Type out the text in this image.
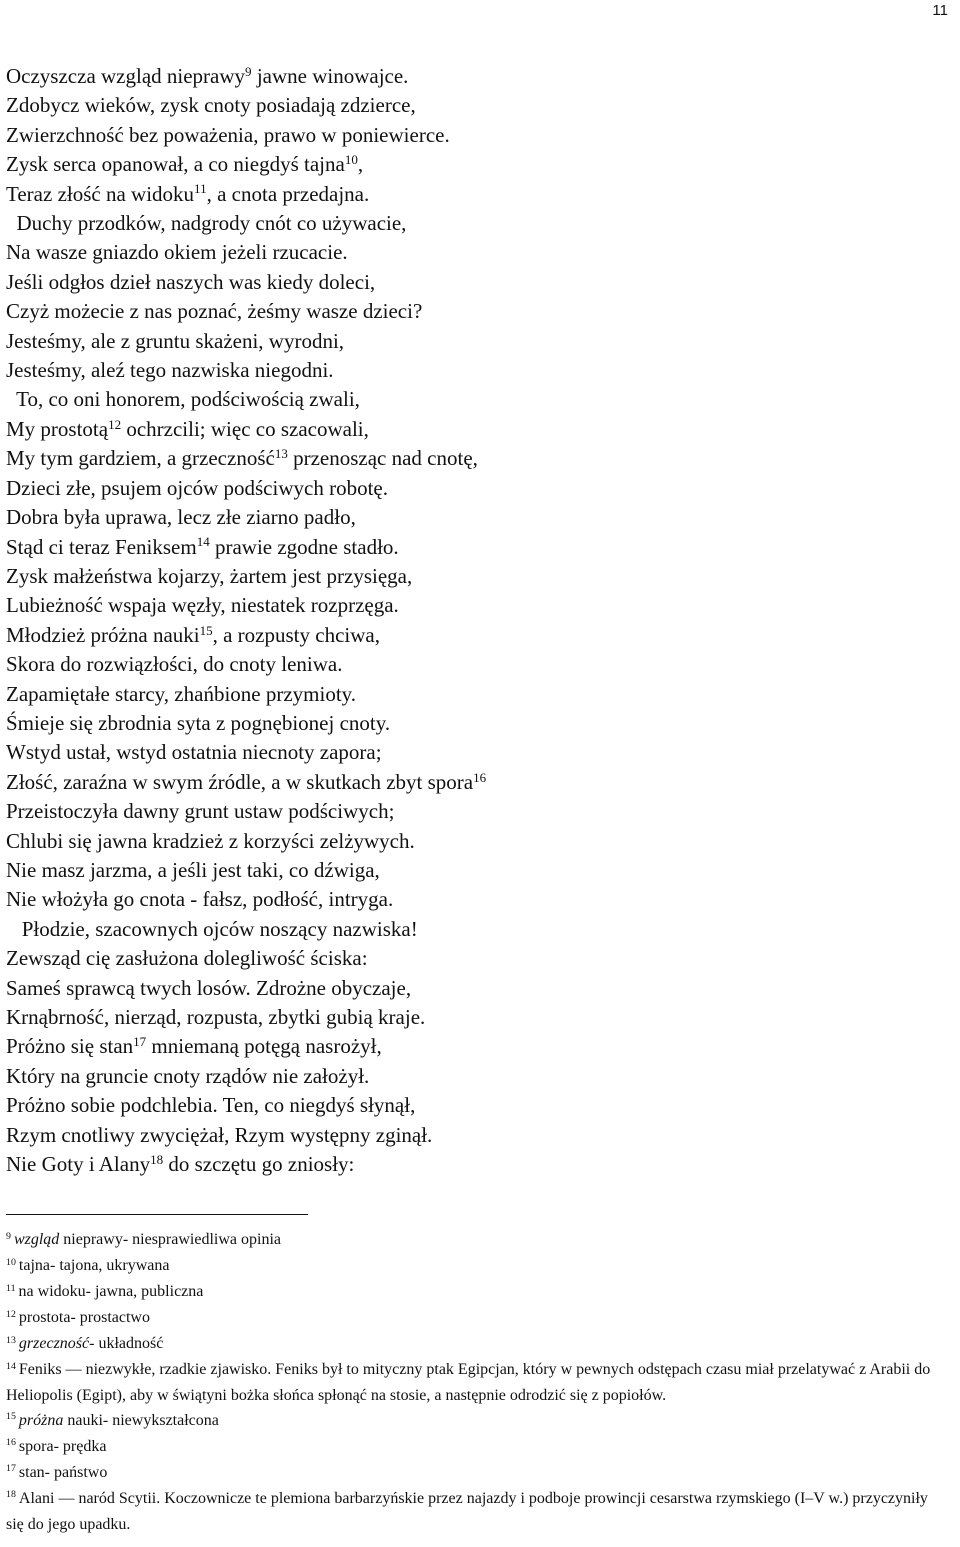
11
Oczyszcza wzgląd nieprawy$^9$ jawne winowajce.
Zdobycz wieków, zysk cnoty posiadają zdzierce,
Zwierzchność bez poważenia, prawo w poniewierce.
Zysk serca opanował, a co niegdyś tajna$^{10}$,
Teraz złość na widoku$^{11}$, a cnota przedajna.
Duchy przodków, nadgrody cnót co używacie,
Na wasze gniazdo okiem jeżeli rzucacie.
Jeśli odgłos dzieł naszych was kiedy doleci,
Czyż możecie z nas poznać, żeśmy wasze dzieci?
Jesteśmy, ale z gruntu skażeni, wyrodni,
Jesteśmy, aleź tego nazwiska niegodni.
To, co oni honorem, podściwością zwali,
My prostotą$^{12}$ ochrzcili; więc co szacowali,
My tym gardziem, a grzeczność$^{13}$ przenosząc nad cnotę,
Dzieci złe, psujem ojców podściwych robotę.
Dobra była uprawa, lecz złe ziarno padło,
Stąd ci teraz Feniksem$^{14}$ prawie zgodne stadło.
Zysk małżeństwa kojarzy, żartem jest przysięga,
Lubieżność wspaja węzły, niestatek rozprzęga.
Młodzież próżna nauki$^{15}$, a rozpusty chciwa,
Skora do rozwiązłości, do cnoty leniwa.
Zapamiętałe starcy, zhańbione przymioty.
Śmieje się zbrodnia syta z pognębionej cnoty.
Wstyd ustał, wstyd ostatnia niecnoty zapora;
Złość, zaraźna w swym źródle, a w skutkach zbyt spora$^{16}$
Przeistoczyła dawny grunt ustaw podściwych;
Chlubi się jawna kradzież z korzyści zelżywych.
Nie masz jarzma, a jeśli jest taki, co dźwiga,
Nie włożyła go cnota - fałsz, podłość, intryga.
Płodzie, szacownych ojców noszący nazwiska!
Zewsząd cię zasłużona dolegliwość ściska:
Sameś sprawcą twych losów. Zdrożne obyczaje,
Krnąbrność, nierząd, rozpusta, zbytki gubią kraje.
Próżno się stan$^{17}$ mniemaną potęgą nasrożył,
Który na gruncie cnoty rządów nie założył.
Próżno sobie podchlebia. Ten, co niegdyś słynął,
Rzym cnotliwy zwyciężał, Rzym występny zginął.
Nie Goty i Alany$^{18}$ do szczętu go zniosły:
$^9$ wzgląd nieprawy- niesprawiedliwa opinia
$^{10}$ tajna- tajona, ukrywana
$^{11}$ na widoku- jawna, publiczna
$^{12}$ prostota- prostactwo
$^{13}$ grzeczność- układność
$^{14}$ Feniks — niezwykłe, rzadkie zjawisko. Feniks był to mityczny ptak Egipcjan, który w pewnych odstępach czasu miał przelatywać z Arabii do Heliopolis (Egipt), aby w świątyni bożka słońca spłonąć na stosie, a następnie odrodzić się z popiołów.
$^{15}$ próżna nauki- niewykształcona
$^{16}$ spora- prędka
$^{17}$ stan- państwo
$^{18}$ Alani — naród Scytii. Koczownicze te plemiona barbarzyńskie przez najazdy i podboje prowincji cesarstwa rzymskiego (I–V w.) przyczyniły się do jego upadku.
